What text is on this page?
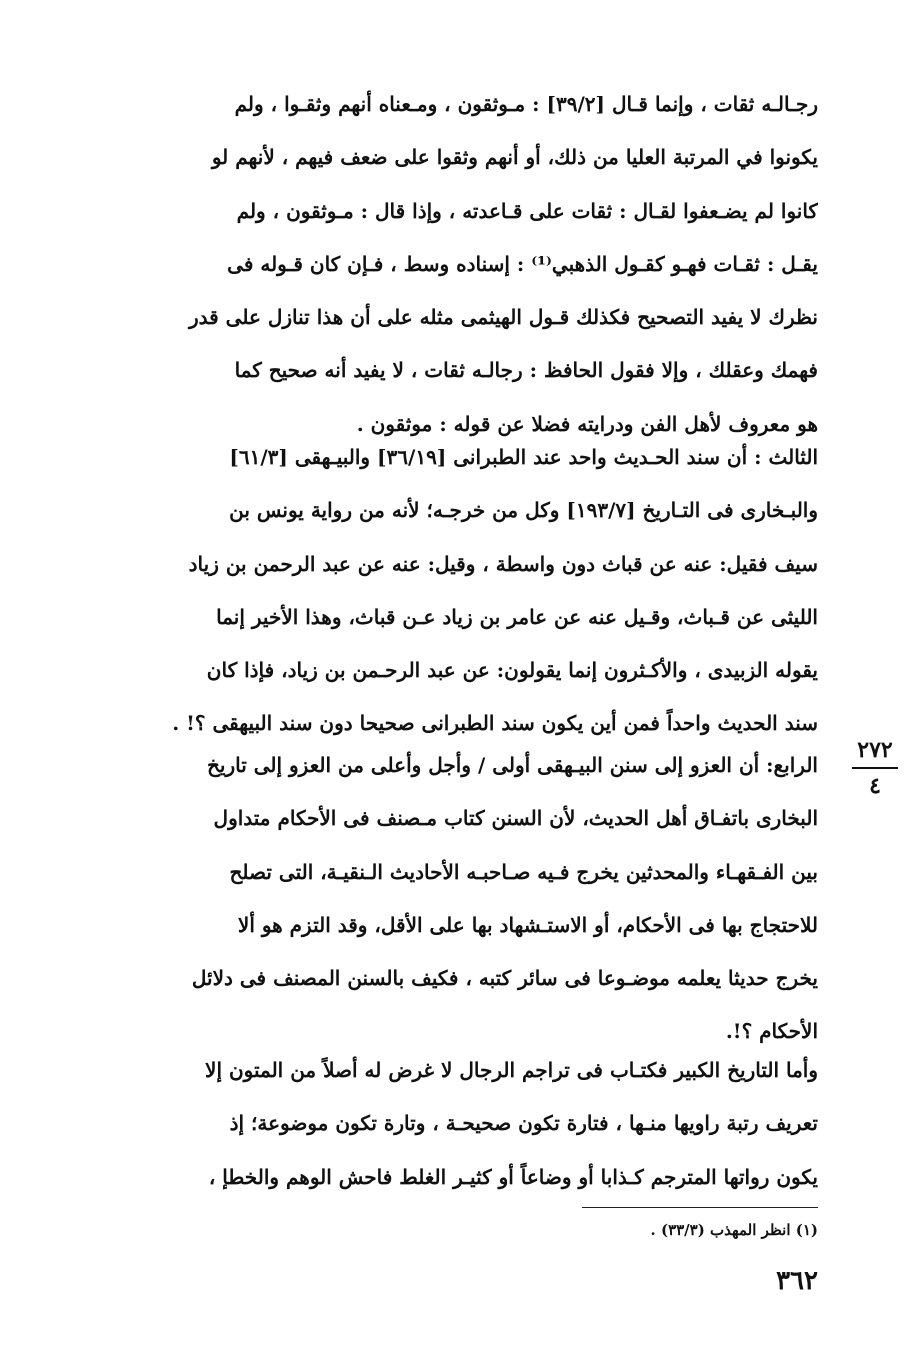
رجـالـه ثقات ، وإنما قـال [٣٩/٢] : مـوثقون ، ومـعناه أنهم وثقـوا ، ولم
يكونوا في المرتبة العليا من ذلك، أو أنهم وثقوا على ضعف فيهم ، لأنهم لو
كانوا لم يضـعفوا لقـال : ثقات على قـاعدته ، وإذا قال : مـوثقون ، ولم
يقـل : ثقـات فهـو كقـول الذهبي⁽¹⁾ : إسناده وسط ، فـإن كان قـوله فى
نظرك لا يفيد التصحيح فكذلك قـول الهيثمى مثله على أن هذا تنازل على قدر
فهمك وعقلك ، وإلا فقول الحافظ : رجالـه ثقات ، لا يفيد أنه صحيح كما
هو معروف لأهل الفن ودرايته فضلا عن قوله : موثقون .
الثالث : أن سند الحـديث واحد عند الطبرانى [٣٦/١٩] والبيـهقى [٦١/٣]
والبـخارى فى التـاريخ [١٩٣/٧] وكل من خرجـه؛ لأنه من رواية يونس بن
سيف فقيل: عنه عن قباث دون واسطة ، وقيل: عنه عن عبد الرحمن بن زياد
الليثى عن قـباث، وقـيل عنه عن عامر بن زياد عـن قباث، وهذا الأخير إنما
يقوله الزبيدى ، والأكـثرون إنما يقولون: عن عبد الرحـمن بن زياد، فإذا كان
سند الحديث واحداً فمن أين يكون سند الطبرانى صحيحا دون سند البيهقى ؟! .
٢٧٢
٤
الرابع: أن العزو إلى سنن البيـهقى أولى / وأجل وأعلى من العزو إلى تاريخ
البخارى باتفـاق أهل الحديث، لأن السنن كتاب مـصنف فى الأحكام متداول
بين الفـقهـاء والمحدثين يخرج فـيه صـاحبـه الأحاديث الـنقيـة، التى تصلح
للاحتجاج بها فى الأحكام، أو الاستـشهاد بها على الأقل، وقد التزم هو ألا
يخرج حديثا يعلمه موضـوعا فى سائر كتبه ، فكيف بالسنن المصنف فى دلائل
الأحكام ؟!.
وأما التاريخ الكبير فكتـاب فى تراجم الرجال لا غرض له أصلاً من المتون إلا
تعريف رتبة راويها منـها ، فتارة تكون صحيحـة ، وتارة تكون موضوعة؛ إذ
يكون رواتها المترجم كـذابا أو وضاعاً أو كثيـر الغلط فاحش الوهم والخطإ ،
(١) انظر المهذب (٣٣/٣) .
٣٦٢
